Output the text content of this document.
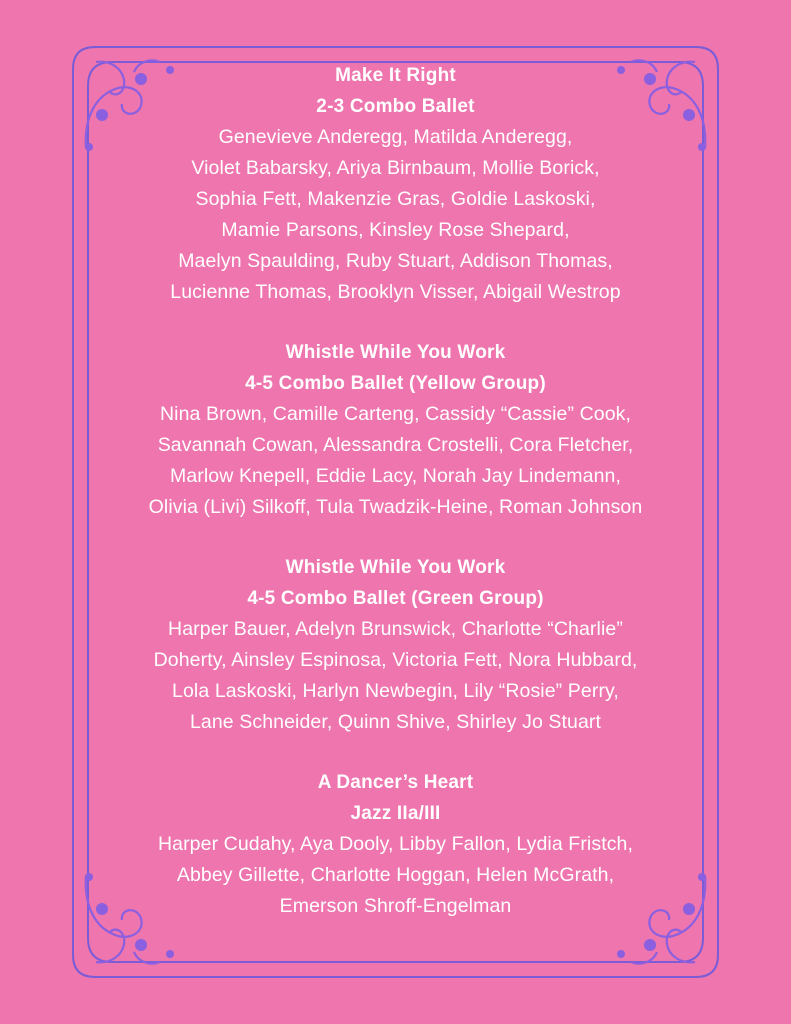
Make It Right
2-3 Combo Ballet
Genevieve Anderegg, Matilda Anderegg,
Violet Babarsky, Ariya Birnbaum, Mollie Borick,
Sophia Fett, Makenzie Gras, Goldie Laskoski,
Mamie Parsons, Kinsley Rose Shepard,
Maelyn Spaulding, Ruby Stuart, Addison Thomas,
Lucienne Thomas, Brooklyn Visser, Abigail Westrop
Whistle While You Work
4-5 Combo Ballet (Yellow Group)
Nina Brown, Camille Carteng, Cassidy “Cassie” Cook,
Savannah Cowan, Alessandra Crostelli, Cora Fletcher,
Marlow Knepell, Eddie Lacy, Norah Jay Lindemann,
Olivia (Livi) Silkoff, Tula Twadzik-Heine, Roman Johnson
Whistle While You Work
4-5 Combo Ballet (Green Group)
Harper Bauer, Adelyn Brunswick, Charlotte “Charlie”
Doherty, Ainsley Espinosa, Victoria Fett, Nora Hubbard,
Lola Laskoski, Harlyn Newbegin, Lily “Rosie” Perry,
Lane Schneider, Quinn Shive, Shirley Jo Stuart
A Dancer’s Heart
Jazz IIa/III
Harper Cudahy, Aya Dooly, Libby Fallon, Lydia Fristch,
Abbey Gillette, Charlotte Hoggan, Helen McGrath,
Emerson Shroff-Engelman
